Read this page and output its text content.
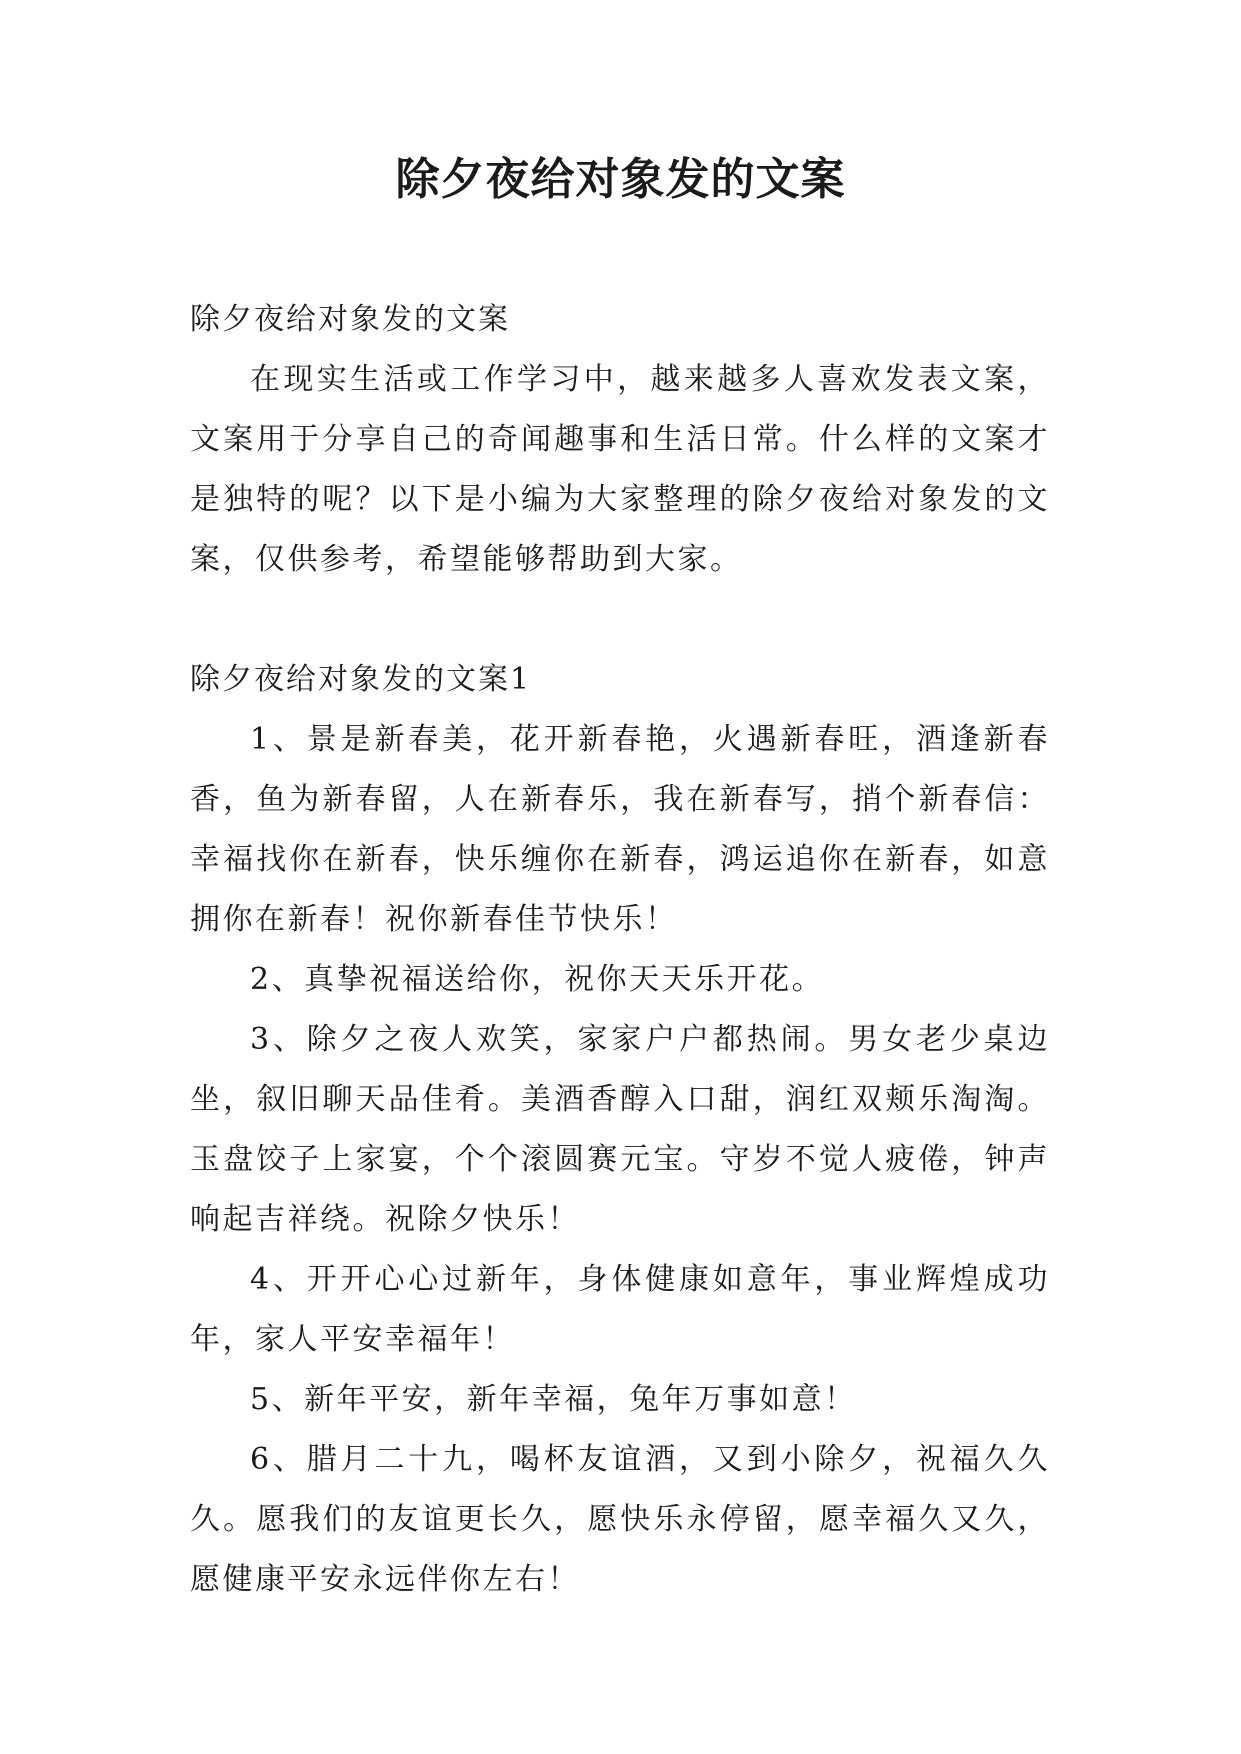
除夕夜给对象发的文案

除夕夜给对象发的文案

在现实生活或工作学习中，越来越多人喜欢发表文案，文案用于分享自己的奇闻趣事和生活日常。什么样的文案才是独特的呢？以下是小编为大家整理的除夕夜给对象发的文案，仅供参考，希望能够帮助到大家。

除夕夜给对象发的文案1

1、景是新春美，花开新春艳，火遇新春旺，酒逢新春香，鱼为新春留，人在新春乐，我在新春写，捎个新春信：幸福找你在新春，快乐缠你在新春，鸿运追你在新春，如意拥你在新春！祝你新春佳节快乐！

2、真挚祝福送给你，祝你天天乐开花。

3、除夕之夜人欢笑，家家户户都热闹。男女老少桌边坐，叙旧聊天品佳肴。美酒香醇入口甜，润红双颊乐淘淘。玉盘饺子上家宴，个个滚圆赛元宝。守岁不觉人疲倦，钟声响起吉祥绕。祝除夕快乐！

4、开开心心过新年，身体健康如意年，事业辉煌成功年，家人平安幸福年！

5、新年平安，新年幸福，兔年万事如意！

6、腊月二十九，喝杯友谊酒，又到小除夕，祝福久久久。愿我们的友谊更长久，愿快乐永停留，愿幸福久又久，愿健康平安永远伴你左右！
